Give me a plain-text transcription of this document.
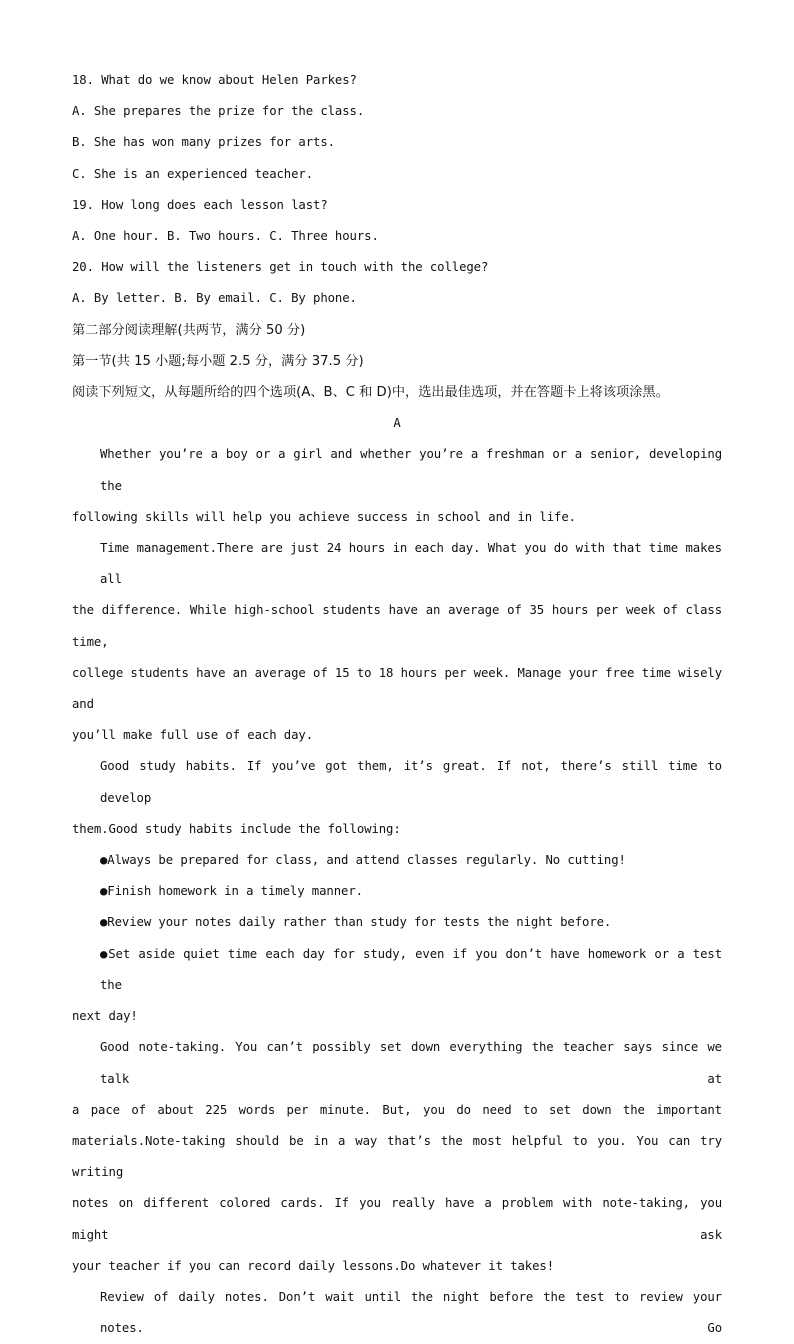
18. What do we know about Helen Parkes?
A. She prepares the prize for the class.
B. She has won many prizes for arts.
C. She is an experienced teacher.
19. How long does each lesson last?
A. One hour. B. Two hours. C. Three hours.
20. How will the listeners get in touch with the college?
A. By letter. B. By email. C. By phone.
第二部分阅读理解(共两节，满分 50 分)
第一节(共 15 小题;每小题 2.5 分，满分 37.5 分)
阅读下列短文，从每题所给的四个选项(A、B、C 和 D)中，选出最佳选项，并在答题卡上将该项涂黑。
A
Whether you’re a boy or a girl and whether you’re a freshman or a senior, developing the
following skills will help you achieve success in school and in life.
Time management.There are just 24 hours in each day. What you do with that time makes all
the difference. While high-school students have an average of 35 hours per week of class time,
college students have an average of 15 to 18 hours per week. Manage your free time wisely and
you’ll make full use of each day.
Good study habits. If you’ve got them, it’s great. If not, there’s still time to develop
them.Good study habits include the following:
●Always be prepared for class, and attend classes regularly. No cutting!
●Finish homework in a timely manner.
●Review your notes daily rather than study for tests the night before.
●Set aside quiet time each day for study, even if you don’t have homework or a test the
next day!
Good note-taking. You can’t possibly set down everything the teacher says since we talk at
a pace of about 225 words per minute. But, you do need to set down the important
materials.Note-taking should be in a way that’s the most helpful to you. You can try writing
notes on different colored cards. If you really have a problem with note-taking, you might ask
your teacher if you can record daily lessons.Do whatever it takes!
Review of daily notes. Don’t wait until the night before the test to review your notes. Go
